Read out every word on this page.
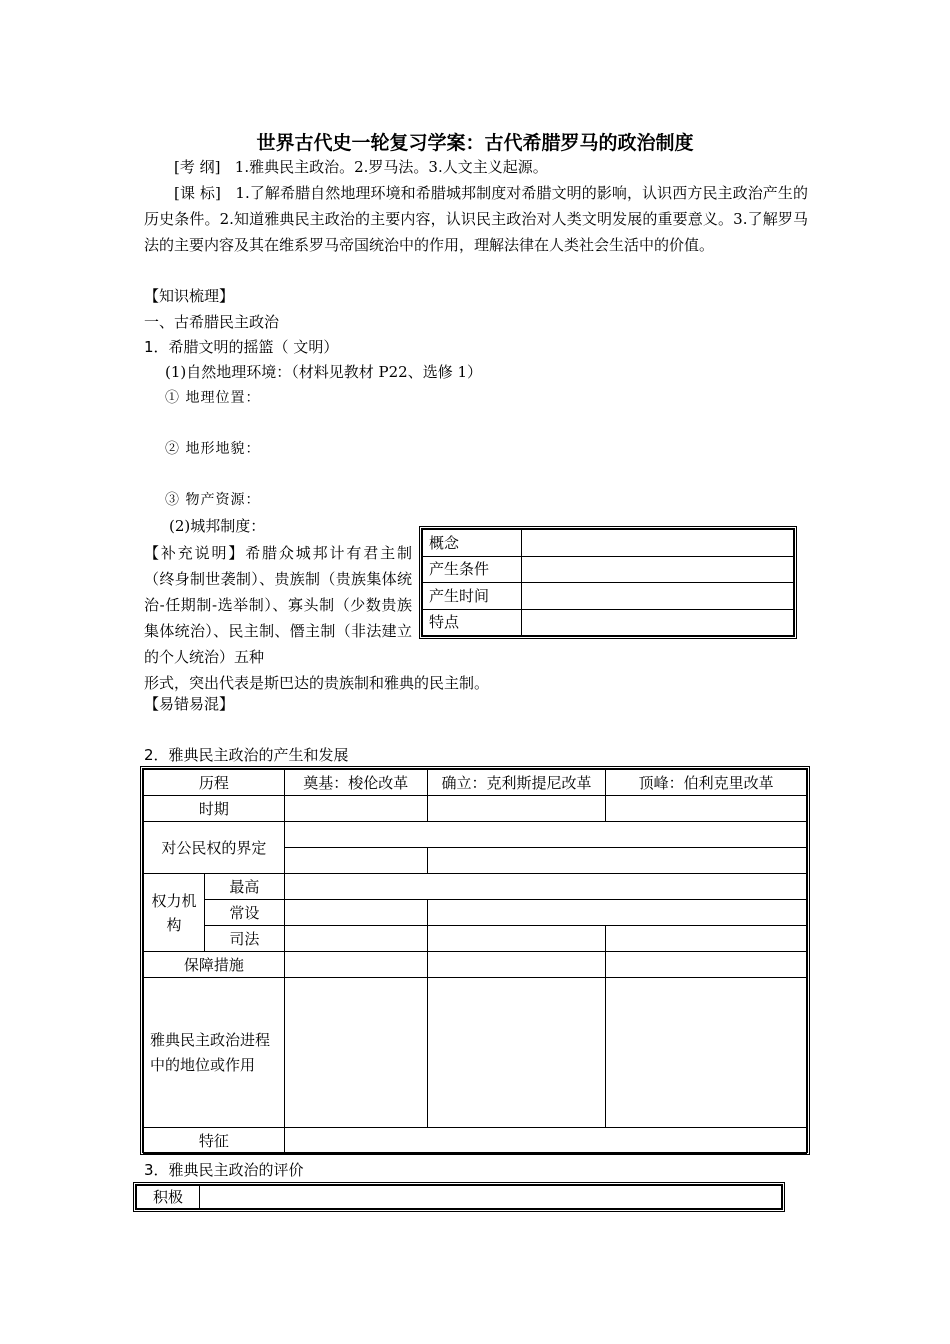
世界古代史一轮复习学案：古代希腊罗马的政治制度
[考 纲] 1.雅典民主政治。2.罗马法。3.人文主义起源。
[课 标] 1.了解希腊自然地理环境和希腊城邦制度对希腊文明的影响，认识西方民主政治产生的历史条件。2.知道雅典民主政治的主要内容，认识民主政治对人类文明发展的重要意义。3.了解罗马法的主要内容及其在维系罗马帝国统治中的作用，理解法律在人类社会生活中的价值。
【知识梳理】
一、古希腊民主政治
1．希腊文明的摇篮（ 文明）
(1)自然地理环境：（材料见教材 P22、选修 1）
① 地理位置：
② 地形地貌：
③ 物产资源：
(2)城邦制度：
【补充说明】希腊众城邦计有君主制（终身制世袭制）、贵族制（贵族集体统治-任期制-选举制）、寡头制（少数贵族集体统治）、民主制、僭主制（非法建立的个人统治）五种
形式，突出代表是斯巴达的贵族制和雅典的民主制。
概念	
产生条件	
产生时间	
特点	
【易错易混】
2．雅典民主政治的产生和发展
历程		奠基：梭伦改革	确立：克利斯提尼改革	顶峰：伯利克里改革
时期				
对公民权的界定				

权力机构	最高			
	常设			
	司法			
保障措施				
雅典民主政治进程中的地位或作用				
特征				
3．雅典民主政治的评价
积极	
